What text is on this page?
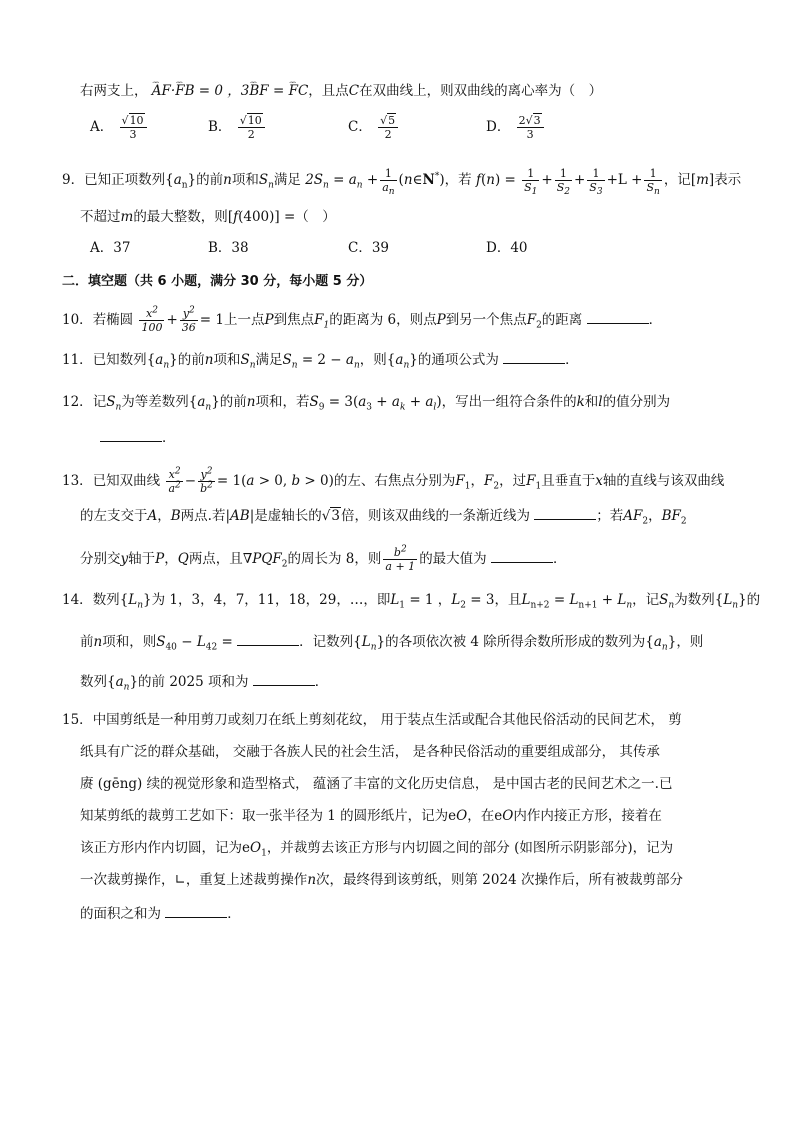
右两支上， ⌢⌢ AF·⌢⌢ FB = 0 ，3⌢⌢ BF = ⌢⌢ FC，且点C在双曲线上，则双曲线的离心率为（　）
A． $\frac{√10}{3}$	B． $\frac{√10}{2}$	C． $\frac{√5}{2}$	D． $\frac{2√3}{3}$
9．已知正项数列$\{a_n\}$的前n项和$S_n$满足 $2S_n = a_n + \frac{1}{a_n}$ (n∈N*)，若 $f(n) = \frac{1}{S_1} + \frac{1}{S_2} + \frac{1}{S_3} +L + \frac{1}{S_n}$ ，记[m]表示
不超过m的最大整数，则[f(400)] =（　）
A．37	B．38	C．39	D．40
二．填空题（共 6 小题，满分 30 分，每小题 5 分）
10．若椭圆 $\frac{x^2}{100} + \frac{y^2}{36} = 1$上一点P到焦点$F_1$的距离为 6，则点P到另一个焦点$F_2$的距离	．
11．已知数列$\{a_n\}$的前n项和$S_n$满足$S_n = 2 - a_n$，则$\{a_n\}$的通项公式为	．
12．记$S_n$为等差数列$\{a_n\}$的前n项和，若$S_9 = 3(a_3 + a_k + a_l)$，写出一组符合条件的k和l的值分别为
．
13．已知双曲线 $\frac{x^2}{a^2} - \frac{y^2}{b^2} = 1(a > 0$, b > 0)的左、右焦点分别为$F_1$，$F_2$，过$F_1$且垂直于x轴的直线与该双曲线
的左支交于A，B两点.若|AB|是虚轴长的√3倍，则该双曲线的一条渐近线为	；若$AF_2$，$BF_2$
分别交y轴于P，Q两点，且$\nabla PQF_2$的周长为 8，则 $\frac{b^2}{a + 1}$ 的最大值为	．
14．数列$\{L_n\}$为 1，3，4，7，11，18，29，…，即$L_1 = 1$ ，$L_2 = 3$，且$L_{n+2} = L_{n+1} + L_n$，记$S_n$为数列$\{L_n\}$的
前n项和，则$S_{40} - L_{42}$ =	．记数列$\{L_n\}$的各项依次被 4 除所得余数所形成的数列为$\{a_n\}$，则
数列$\{a_n\}$的前 2025 项和为	．
15．中国剪纸是一种用剪刀或刻刀在纸上剪刻花纹， 用于装点生活或配合其他民俗活动的民间艺术， 剪
纸具有广泛的群众基础， 交融于各族人民的社会生活， 是各种民俗活动的重要组成部分， 其传承
赓 (gēng) 续的视觉形象和造型格式， 蕴涵了丰富的文化历史信息， 是中国古老的民间艺术之一.已
知某剪纸的裁剪工艺如下：取一张半径为 1 的圆形纸片，记为eO，在eO内作内接正方形，接着在
该正方形内作内切圆，记为$eO_1$，并裁剪去该正方形与内切圆之间的部分 (如图所示阴影部分)，记为
一次裁剪操作，∟，重复上述裁剪操作n次，最终得到该剪纸，则第 2024 次操作后，所有被裁剪部分
的面积之和为	．
